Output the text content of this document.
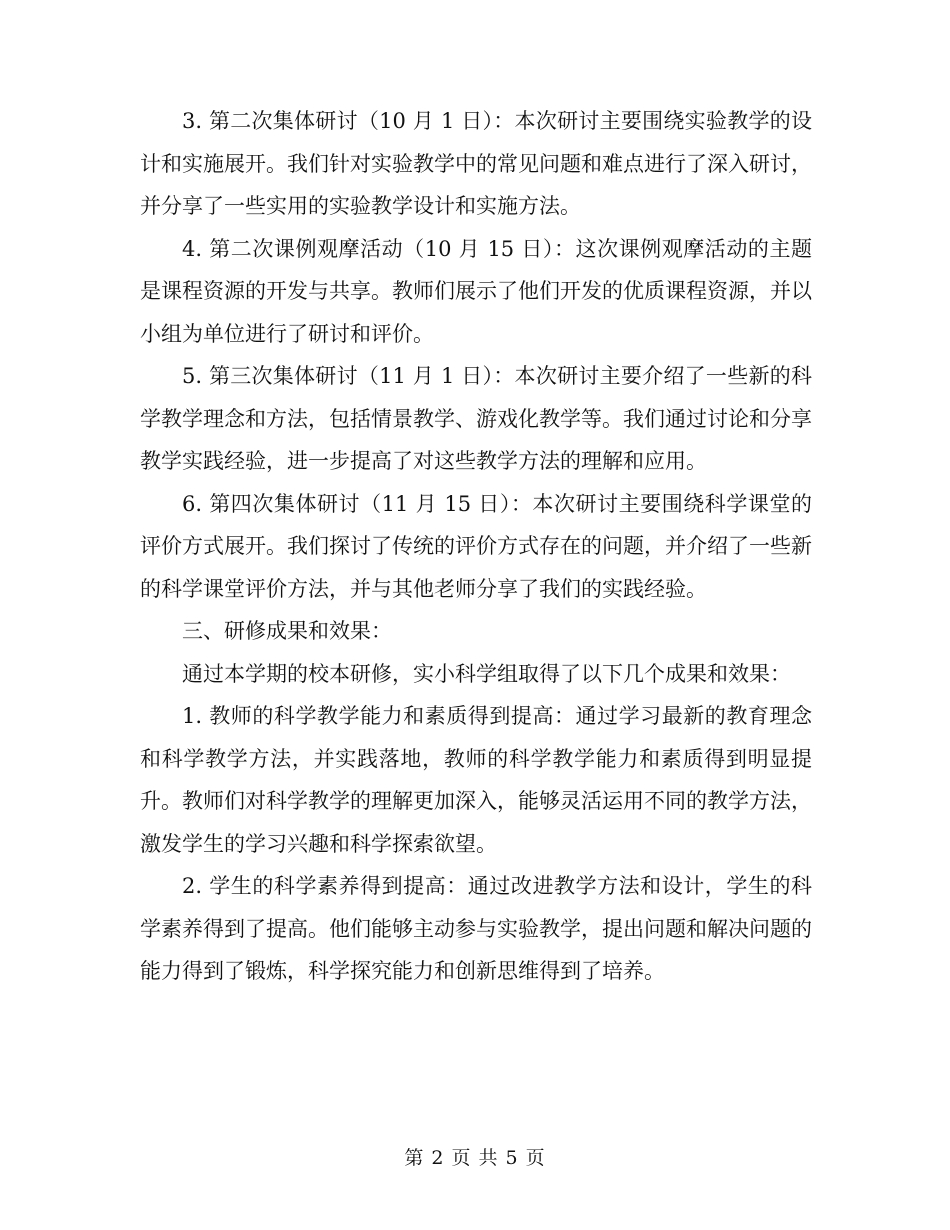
3. 第二次集体研讨（10 月 1 日）：本次研讨主要围绕实验教学的设计和实施展开。我们针对实验教学中的常见问题和难点进行了深入研讨，并分享了一些实用的实验教学设计和实施方法。

4. 第二次课例观摩活动（10 月 15 日）：这次课例观摩活动的主题是课程资源的开发与共享。教师们展示了他们开发的优质课程资源，并以小组为单位进行了研讨和评价。

5. 第三次集体研讨（11 月 1 日）：本次研讨主要介绍了一些新的科学教学理念和方法，包括情景教学、游戏化教学等。我们通过讨论和分享教学实践经验，进一步提高了对这些教学方法的理解和应用。

6. 第四次集体研讨（11 月 15 日）：本次研讨主要围绕科学课堂的评价方式展开。我们探讨了传统的评价方式存在的问题，并介绍了一些新的科学课堂评价方法，并与其他老师分享了我们的实践经验。

三、研修成果和效果：

通过本学期的校本研修，实小科学组取得了以下几个成果和效果：

1. 教师的科学教学能力和素质得到提高：通过学习最新的教育理念和科学教学方法，并实践落地，教师的科学教学能力和素质得到明显提升。教师们对科学教学的理解更加深入，能够灵活运用不同的教学方法，激发学生的学习兴趣和科学探索欲望。

2. 学生的科学素养得到提高：通过改进教学方法和设计，学生的科学素养得到了提高。他们能够主动参与实验教学，提出问题和解决问题的能力得到了锻炼，科学探究能力和创新思维得到了培养。

第 2 页 共 5 页
